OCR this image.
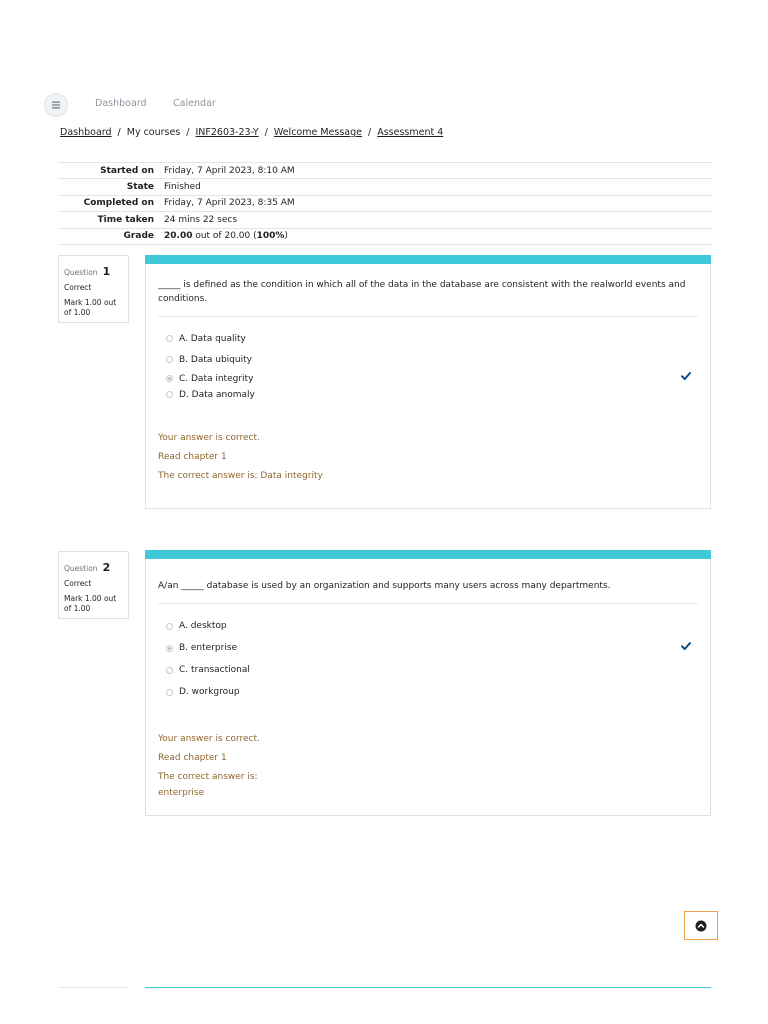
Dashboard	Calendar
Dashboard / My courses / INF2603-23-Y / Welcome Message / Assessment 4
Started on	Friday, 7 April 2023, 8:10 AM
State	Finished
Completed on	Friday, 7 April 2023, 8:35 AM
Time taken	24 mins 22 secs
Grade	20.00 out of 20.00 (100%)
Question 1
Correct
Mark 1.00 out of 1.00
_____ is defined as the condition in which all of the data in the database are consistent with the realworld events and conditions.
A. Data quality
B. Data ubiquity
C. Data integrity
D. Data anomaly
Your answer is correct.
Read chapter 1
The correct answer is: Data integrity
Question 2
Correct
Mark 1.00 out of 1.00
A/an _____ database is used by an organization and supports many users across many departments.
A. desktop
B. enterprise
C. transactional
D. workgroup
Your answer is correct.
Read chapter 1
The correct answer is:
enterprise
